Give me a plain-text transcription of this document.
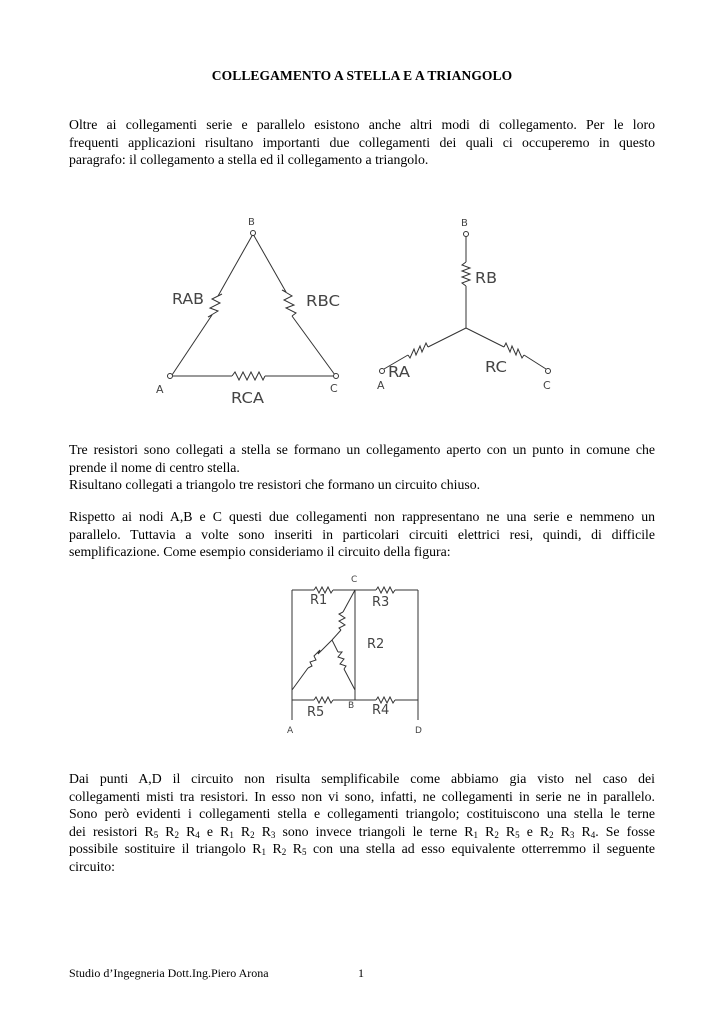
COLLEGAMENTO A STELLA E A TRIANGOLO
Oltre ai collegamenti serie e parallelo esistono anche altri modi di collegamento. Per le loro
frequenti applicazioni risultano importanti due collegamenti dei quali ci occuperemo in questo
paragrafo: il collegamento a stella ed il collegamento a triangolo.
B
A	C
RAB	RBC
RCA
B
A	C
RB
RA	RC
Tre resistori sono collegati a stella se formano un collegamento aperto con un punto in comune che
prende il nome di centro stella.
Risultano collegati a triangolo tre resistori che formano un circuito chiuso.
Rispetto ai nodi A,B e C questi due collegamenti non rappresentano ne una serie e nemmeno un
parallelo. Tuttavia a volte sono inseriti in particolari circuiti elettrici resi, quindi, di difficile
semplificazione. Come esempio consideriamo il circuito della figura:
C
B
A	D
R1	R3
R2
R5	R4
Dai punti A,D il circuito non risulta semplificabile come abbiamo gia visto nel caso dei
collegamenti misti tra resistori. In esso non vi sono, infatti, ne collegamenti in serie ne in parallelo.
Sono però evidenti i collegamenti stella e collegamenti triangolo; costituiscono una stella le terne
dei resistori $R_5$ $R_2$ $R_4$ e $R_1$ $R_2$ $R_3$ sono invece triangoli le terne $R_1$ $R_2$ $R_5$ e $R_2$ $R_3$ $R_4$. Se fosse
possibile sostituire il triangolo $R_1$ $R_2$ $R_5$ con una stella ad esso equivalente otterremmo il seguente
circuito:
Studio d’Ingegneria Dott.Ing.Piero Arona	1
